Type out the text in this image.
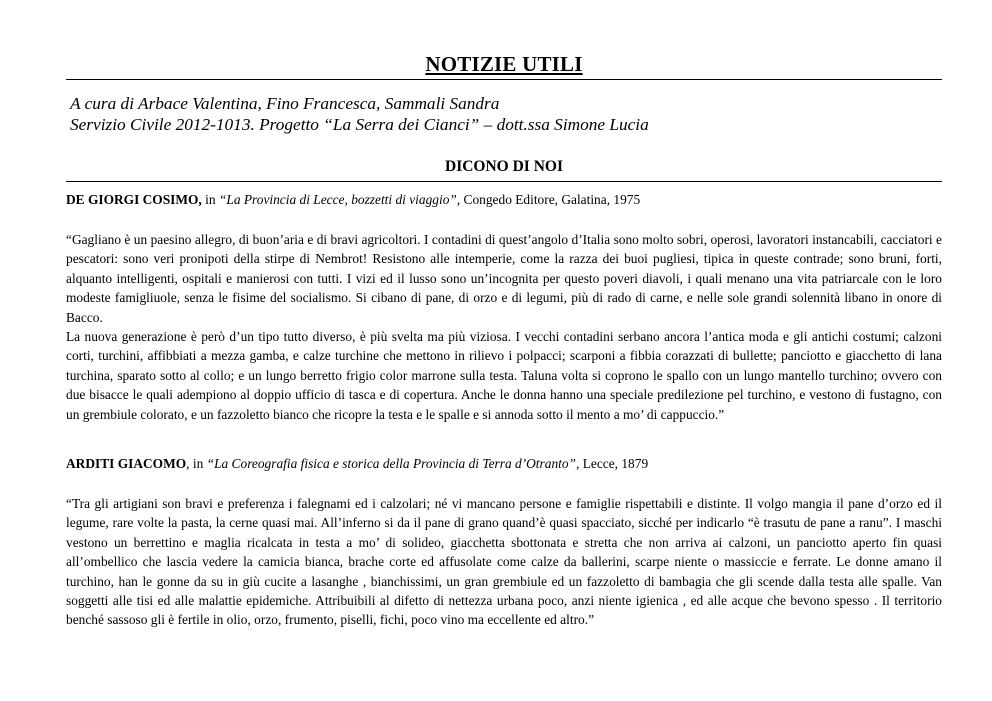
NOTIZIE UTILI
A cura di Arbace Valentina, Fino Francesca, Sammali Sandra
Servizio Civile 2012-1013. Progetto “La Serra dei Cianci” – dott.ssa Simone Lucia
DICONO DI NOI
DE GIORGI COSIMO, in “La Provincia di Lecce, bozzetti di viaggio”, Congedo Editore, Galatina, 1975

“Gagliano è un paesino allegro, di buon’aria e di bravi agricoltori. I contadini di quest’angolo d’Italia sono molto sobri, operosi, lavoratori instancabili, cacciatori e pescatori: sono veri pronipoti della stirpe di Nembrot! Resistono alle intemperie, come la razza dei buoi pugliesi, tipica in queste contrade; sono bruni, forti, alquanto intelligenti, ospitali e manierosi con tutti. I vizi ed il lusso sono un’incognita per questo poveri diavoli, i quali menano una vita patriarcale con le loro modeste famigliuole, senza le fisime del socialismo. Si cibano di pane, di orzo e di legumi, più di rado di carne, e nelle sole grandi solennità libano in onore di Bacco.

La nuova generazione è però d’un tipo tutto diverso, è più svelta ma più viziosa. I vecchi contadini serbano ancora l’antica moda e gli antichi costumi; calzoni corti, turchini, affibbiati a mezza gamba, e calze turchine che mettono in rilievo i polpacci; scarponi a fibbia corazzati di bullette; panciotto e giacchetto di lana turchina, sparato sotto al collo; e un lungo berretto frigio color marrone sulla testa. Taluna volta si coprono le spallo con un lungo mantello turchino; ovvero con due bisacce le quali adempiono al doppio ufficio di tasca e di copertura. Anche le donna hanno una speciale predilezione pel turchino, e vestono di fustagno, con un grembiule colorato, e un fazzoletto bianco che ricopre la testa e le spalle e si annoda sotto il mento a mo’ di cappuccio.”

ARDITI GIACOMO, in “La Coreografia fisica e storica della Provincia di Terra d’Otranto”, Lecce, 1879

“Tra gli artigiani son bravi e preferenza i falegnami ed i calzolari; né vi mancano persone e famiglie rispettabili e distinte. Il volgo mangia il pane d’orzo ed il legume, rare volte la pasta, la cerne quasi mai. All’inferno si da il pane di grano quand’è quasi spacciato, sicché per indicarlo “è trasutu de pane a ranu”. I maschi vestono un berrettino e maglia ricalcata in testa a mo’ di solideo, giacchetta sbottonata e stretta che non arriva ai calzoni, un panciotto aperto fin quasi all’ombellico che lascia vedere la camicia bianca, brache corte ed affusolate come calze da ballerini, scarpe niente o massiccie e ferrate. Le donne amano il turchino, han le gonne da su in giù cucite a lasanghe , bianchissimi, un gran grembiule ed un fazzoletto di bambagia che gli scende dalla testa alle spalle. Van soggetti alle tisi ed alle malattie epidemiche. Attribuibili al difetto di nettezza urbana poco, anzi niente igienica , ed alle acque che bevono spesso . Il territorio benché sassoso gli è fertile in olio, orzo, frumento, piselli, fichi, poco vino ma eccellente ed altro.”
